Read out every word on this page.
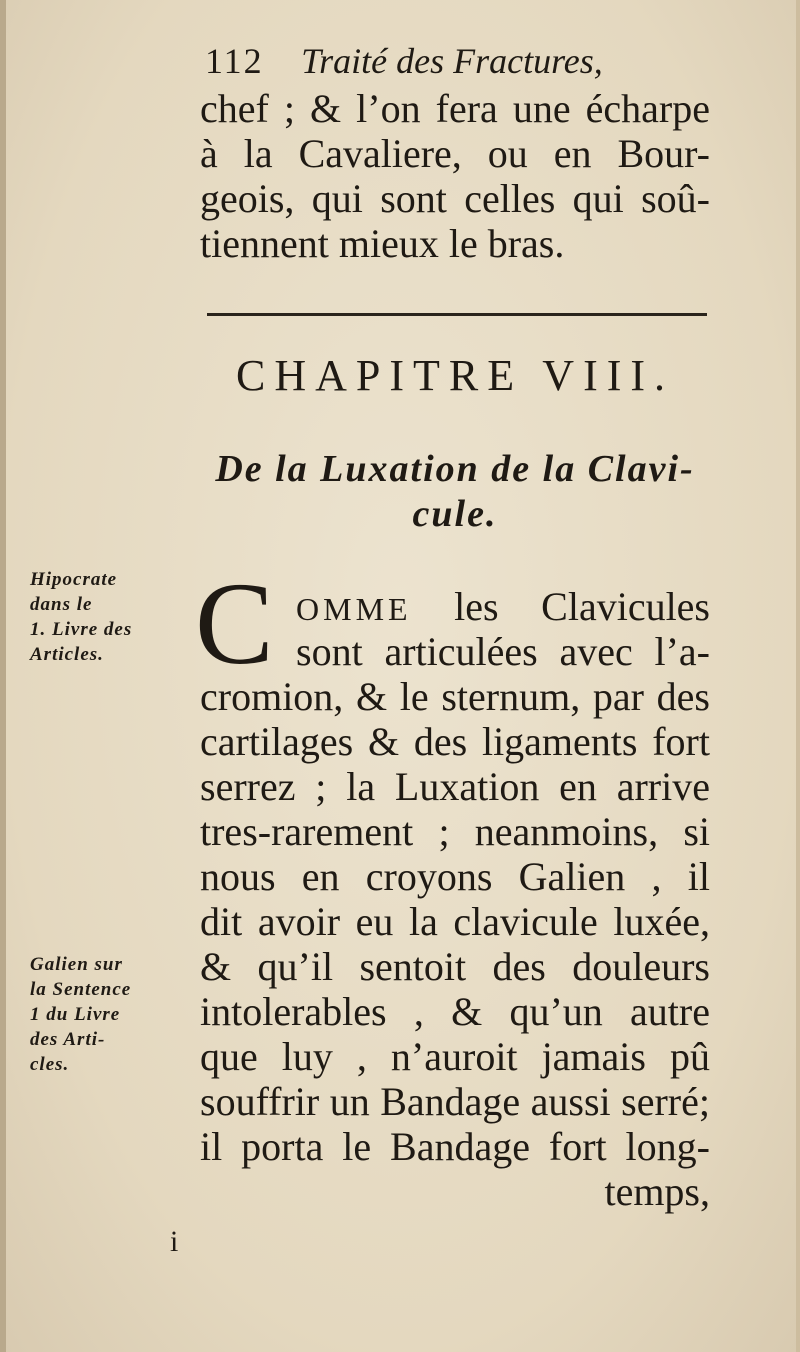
112 Traité des Fractures,
chef ; & l’on fera une écharpe
à la Cavaliere, ou en Bour-
geois, qui sont celles qui soû-
tiennent mieux le bras.
CHAPITRE VIII.
De la Luxation de la Clavi-
cule.
C OMME les Clavicules
sont articulées avec l’a-
cromion, & le sternum, par des
cartilages & des ligaments fort
serrez ; la Luxation en arrive
tres-rarement ; neanmoins, si
nous en croyons Galien , il
dit avoir eu la clavicule luxée,
& qu’il sentoit des douleurs
intolerables , & qu’un autre
que luy , n’auroit jamais pû
souffrir un Bandage aussi serré;
il porta le Bandage fort long-
temps,
Hipocrate
dans le
1. Livre des
Articles.
Galien sur
la Sentence
1 du Livre
des Arti-
cles.
i
